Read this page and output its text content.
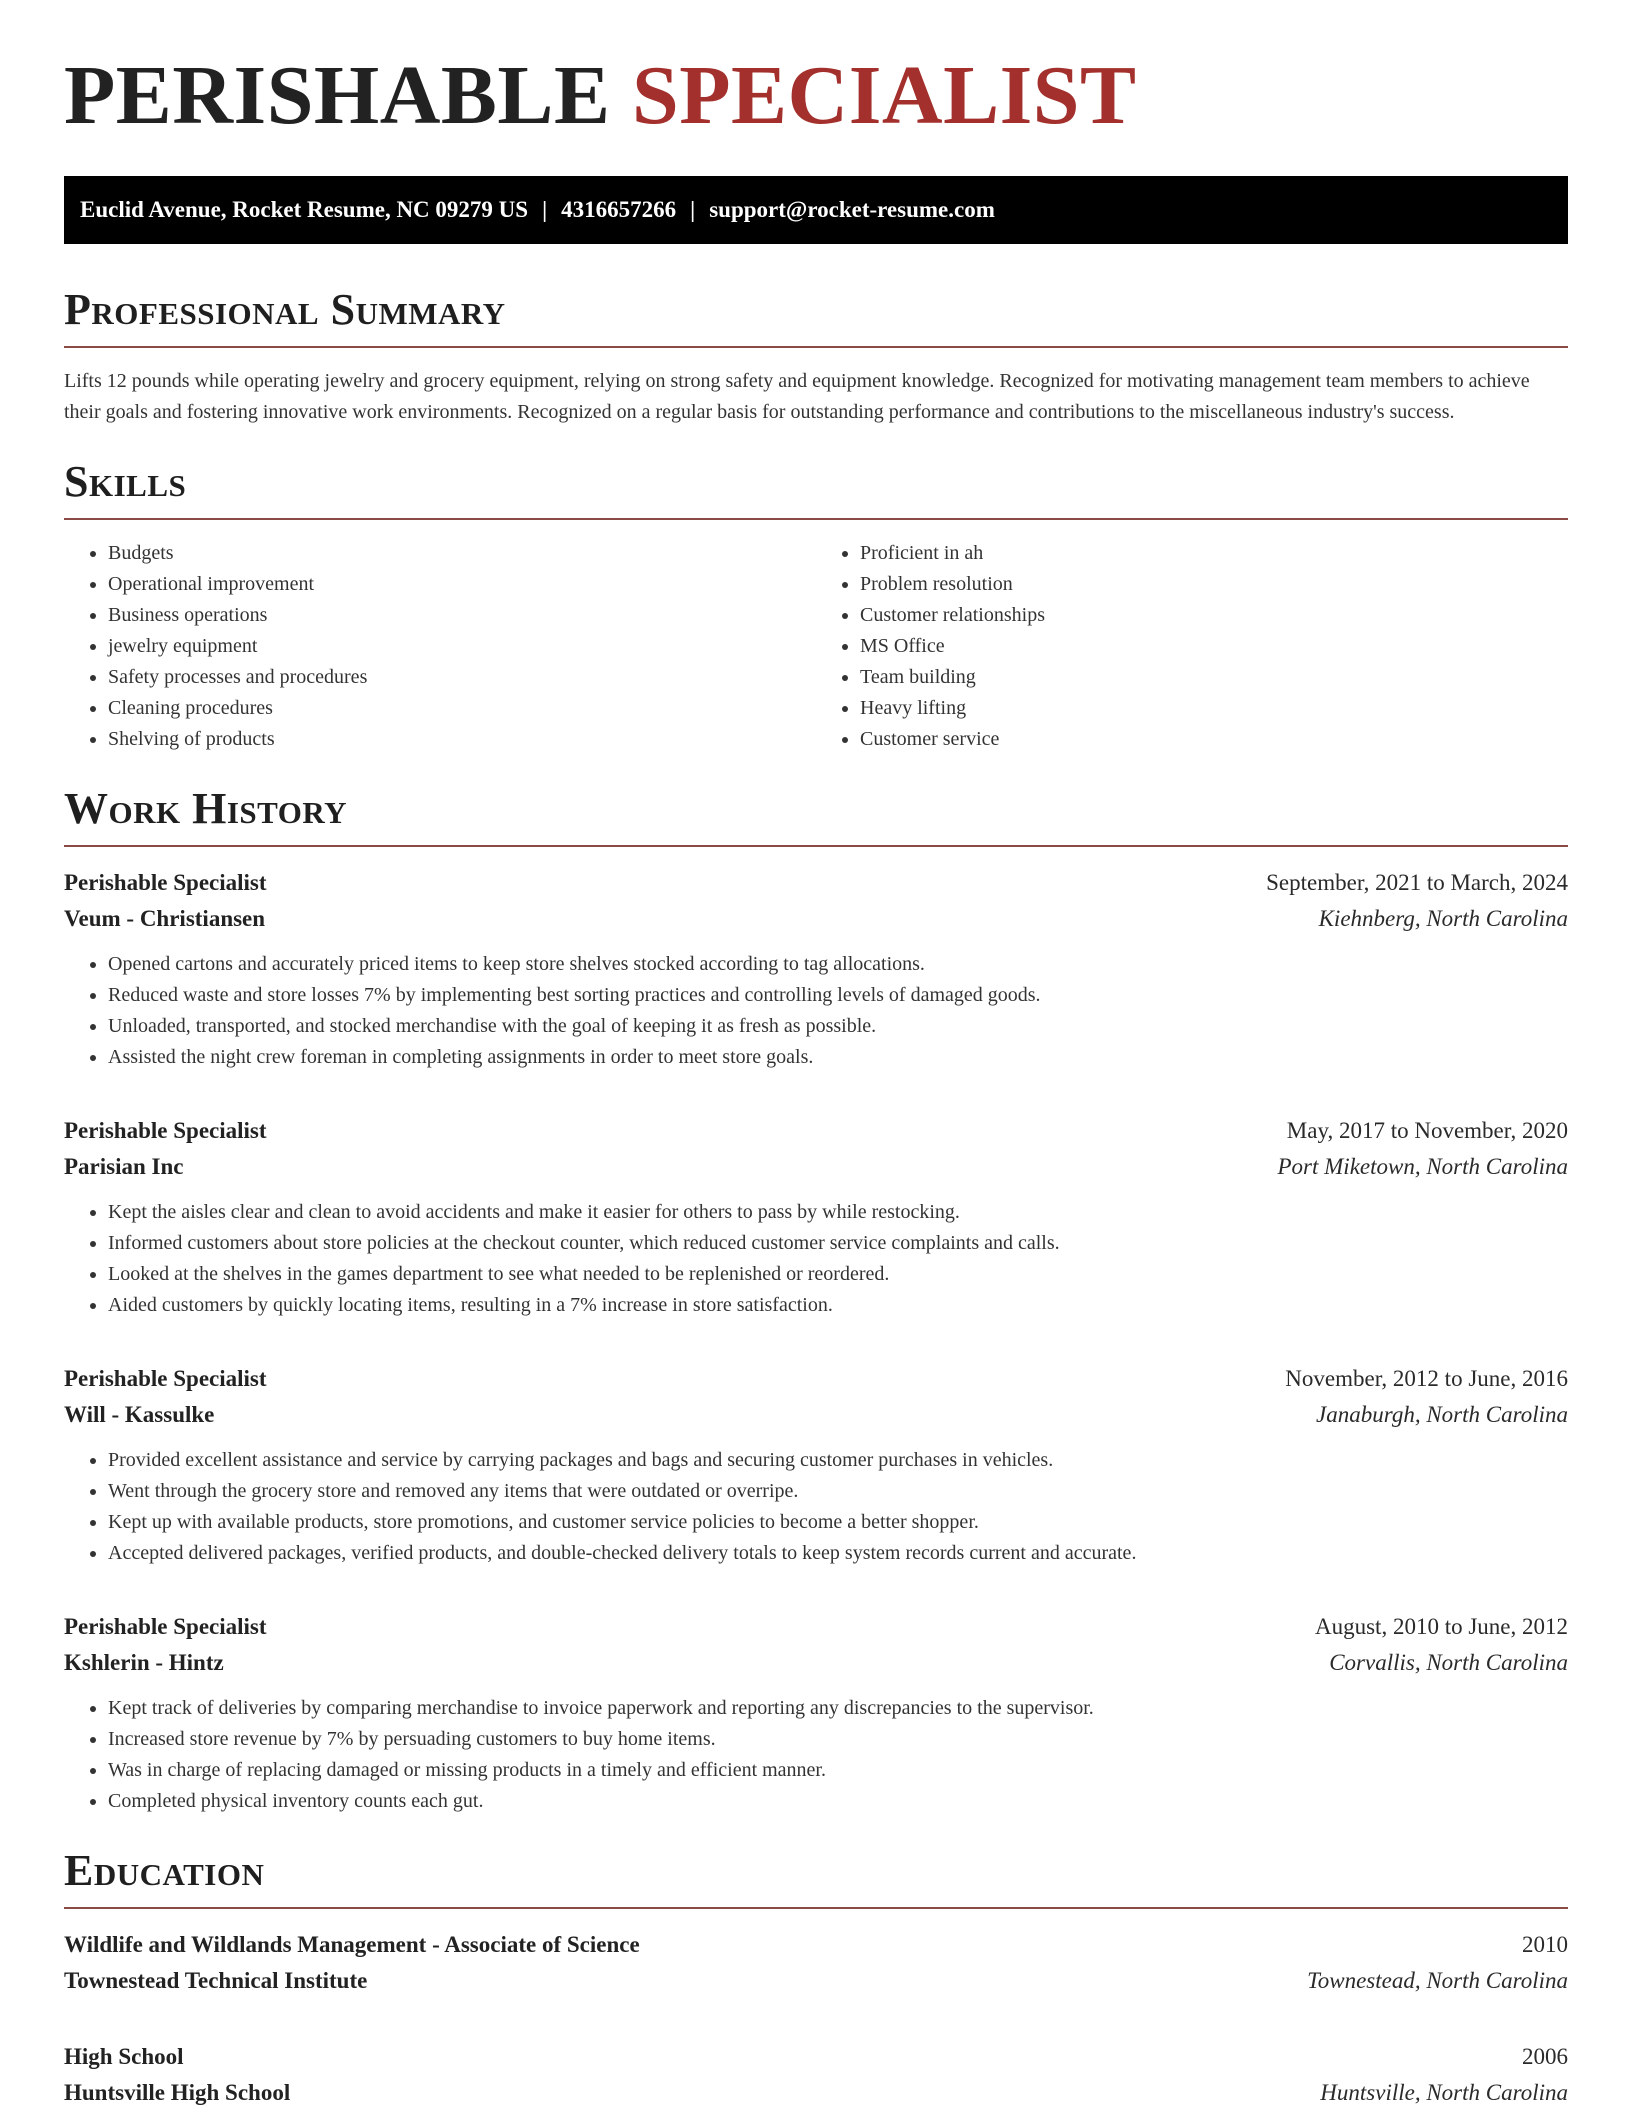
PERISHABLE SPECIALIST
Euclid Avenue, Rocket Resume, NC 09279 US | 4316657266 | support@rocket-resume.com
Professional Summary

Lifts 12 pounds while operating jewelry and grocery equipment, relying on strong safety and equipment knowledge. Recognized for motivating management team members to achieve their goals and fostering innovative work environments. Recognized on a regular basis for outstanding performance and contributions to the miscellaneous industry's success.

Skills
• Budgets
• Operational improvement
• Business operations
• jewelry equipment
• Safety processes and procedures
• Cleaning procedures
• Shelving of products
• Proficient in ah
• Problem resolution
• Customer relationships
• MS Office
• Team building
• Heavy lifting
• Customer service
Work History
Perishable Specialist	September, 2021 to March, 2024
Veum - Christiansen	Kiehnberg, North Carolina
• Opened cartons and accurately priced items to keep store shelves stocked according to tag allocations.
• Reduced waste and store losses 7% by implementing best sorting practices and controlling levels of damaged goods.
• Unloaded, transported, and stocked merchandise with the goal of keeping it as fresh as possible.
• Assisted the night crew foreman in completing assignments in order to meet store goals.
Perishable Specialist	May, 2017 to November, 2020
Parisian Inc	Port Miketown, North Carolina
• Kept the aisles clear and clean to avoid accidents and make it easier for others to pass by while restocking.
• Informed customers about store policies at the checkout counter, which reduced customer service complaints and calls.
• Looked at the shelves in the games department to see what needed to be replenished or reordered.
• Aided customers by quickly locating items, resulting in a 7% increase in store satisfaction.
Perishable Specialist	November, 2012 to June, 2016
Will - Kassulke	Janaburgh, North Carolina
• Provided excellent assistance and service by carrying packages and bags and securing customer purchases in vehicles.
• Went through the grocery store and removed any items that were outdated or overripe.
• Kept up with available products, store promotions, and customer service policies to become a better shopper.
• Accepted delivered packages, verified products, and double-checked delivery totals to keep system records current and accurate.
Perishable Specialist	August, 2010 to June, 2012
Kshlerin - Hintz	Corvallis, North Carolina
• Kept track of deliveries by comparing merchandise to invoice paperwork and reporting any discrepancies to the supervisor.
• Increased store revenue by 7% by persuading customers to buy home items.
• Was in charge of replacing damaged or missing products in a timely and efficient manner.
• Completed physical inventory counts each gut.
Education
Wildlife and Wildlands Management - Associate of Science	2010
Townestead Technical Institute	Townestead, North Carolina
High School	2006
Huntsville High School	Huntsville, North Carolina
